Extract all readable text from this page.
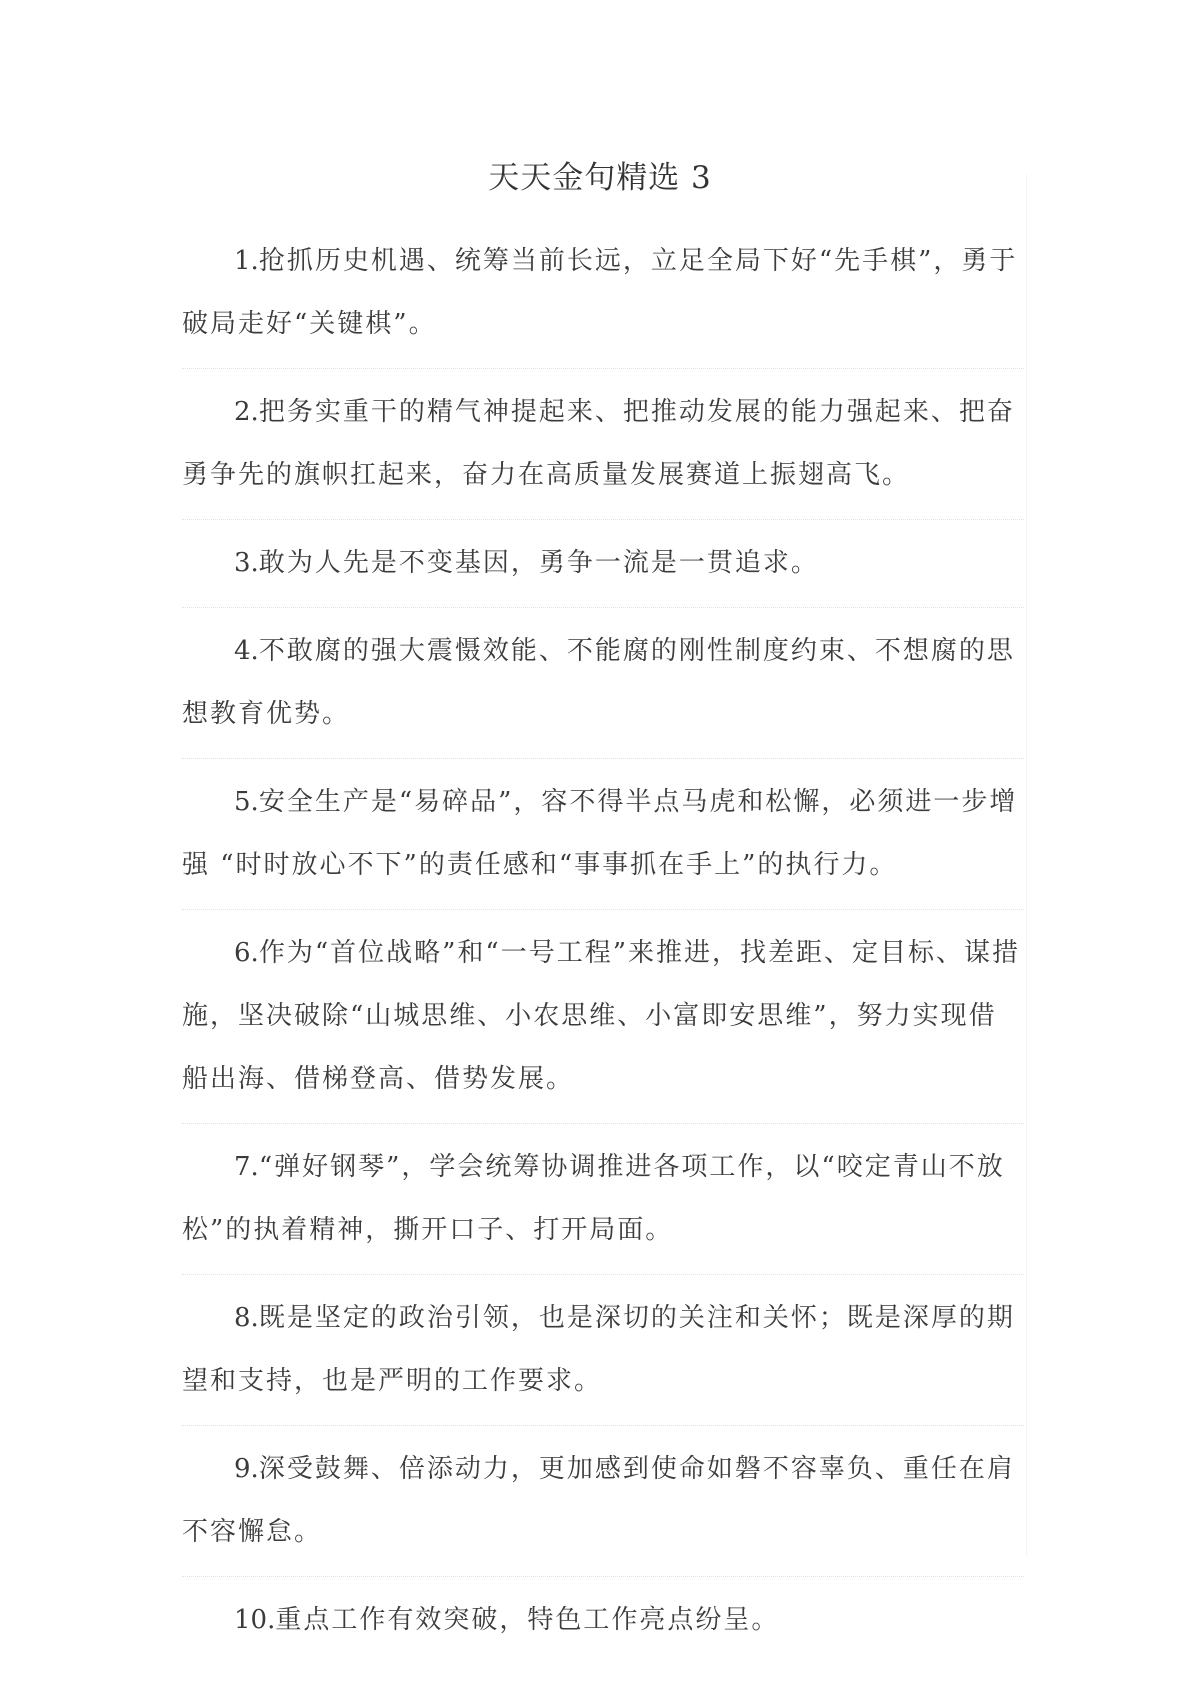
天天金句精选 3
1.抢抓历史机遇、统筹当前长远，立足全局下好“先手棋”，勇于破局走好“关键棋”。
2.把务实重干的精气神提起来、把推动发展的能力强起来、把奋勇争先的旗帜扛起来，奋力在高质量发展赛道上振翅高飞。
3.敢为人先是不变基因，勇争一流是一贯追求。
4.不敢腐的强大震慑效能、不能腐的刚性制度约束、不想腐的思想教育优势。
5.安全生产是“易碎品”，容不得半点马虎和松懈，必须进一步增强 “时时放心不下”的责任感和“事事抓在手上”的执行力。
6.作为“首位战略”和“一号工程”来推进，找差距、定目标、谋措施，坚决破除“山城思维、小农思维、小富即安思维”，努力实现借船出海、借梯登高、借势发展。
7.“弹好钢琴”，学会统筹协调推进各项工作，以“咬定青山不放松”的执着精神，撕开口子、打开局面。
8.既是坚定的政治引领，也是深切的关注和关怀；既是深厚的期望和支持，也是严明的工作要求。
9.深受鼓舞、倍添动力，更加感到使命如磐不容辜负、重任在肩不容懈怠。
10.重点工作有效突破，特色工作亮点纷呈。
